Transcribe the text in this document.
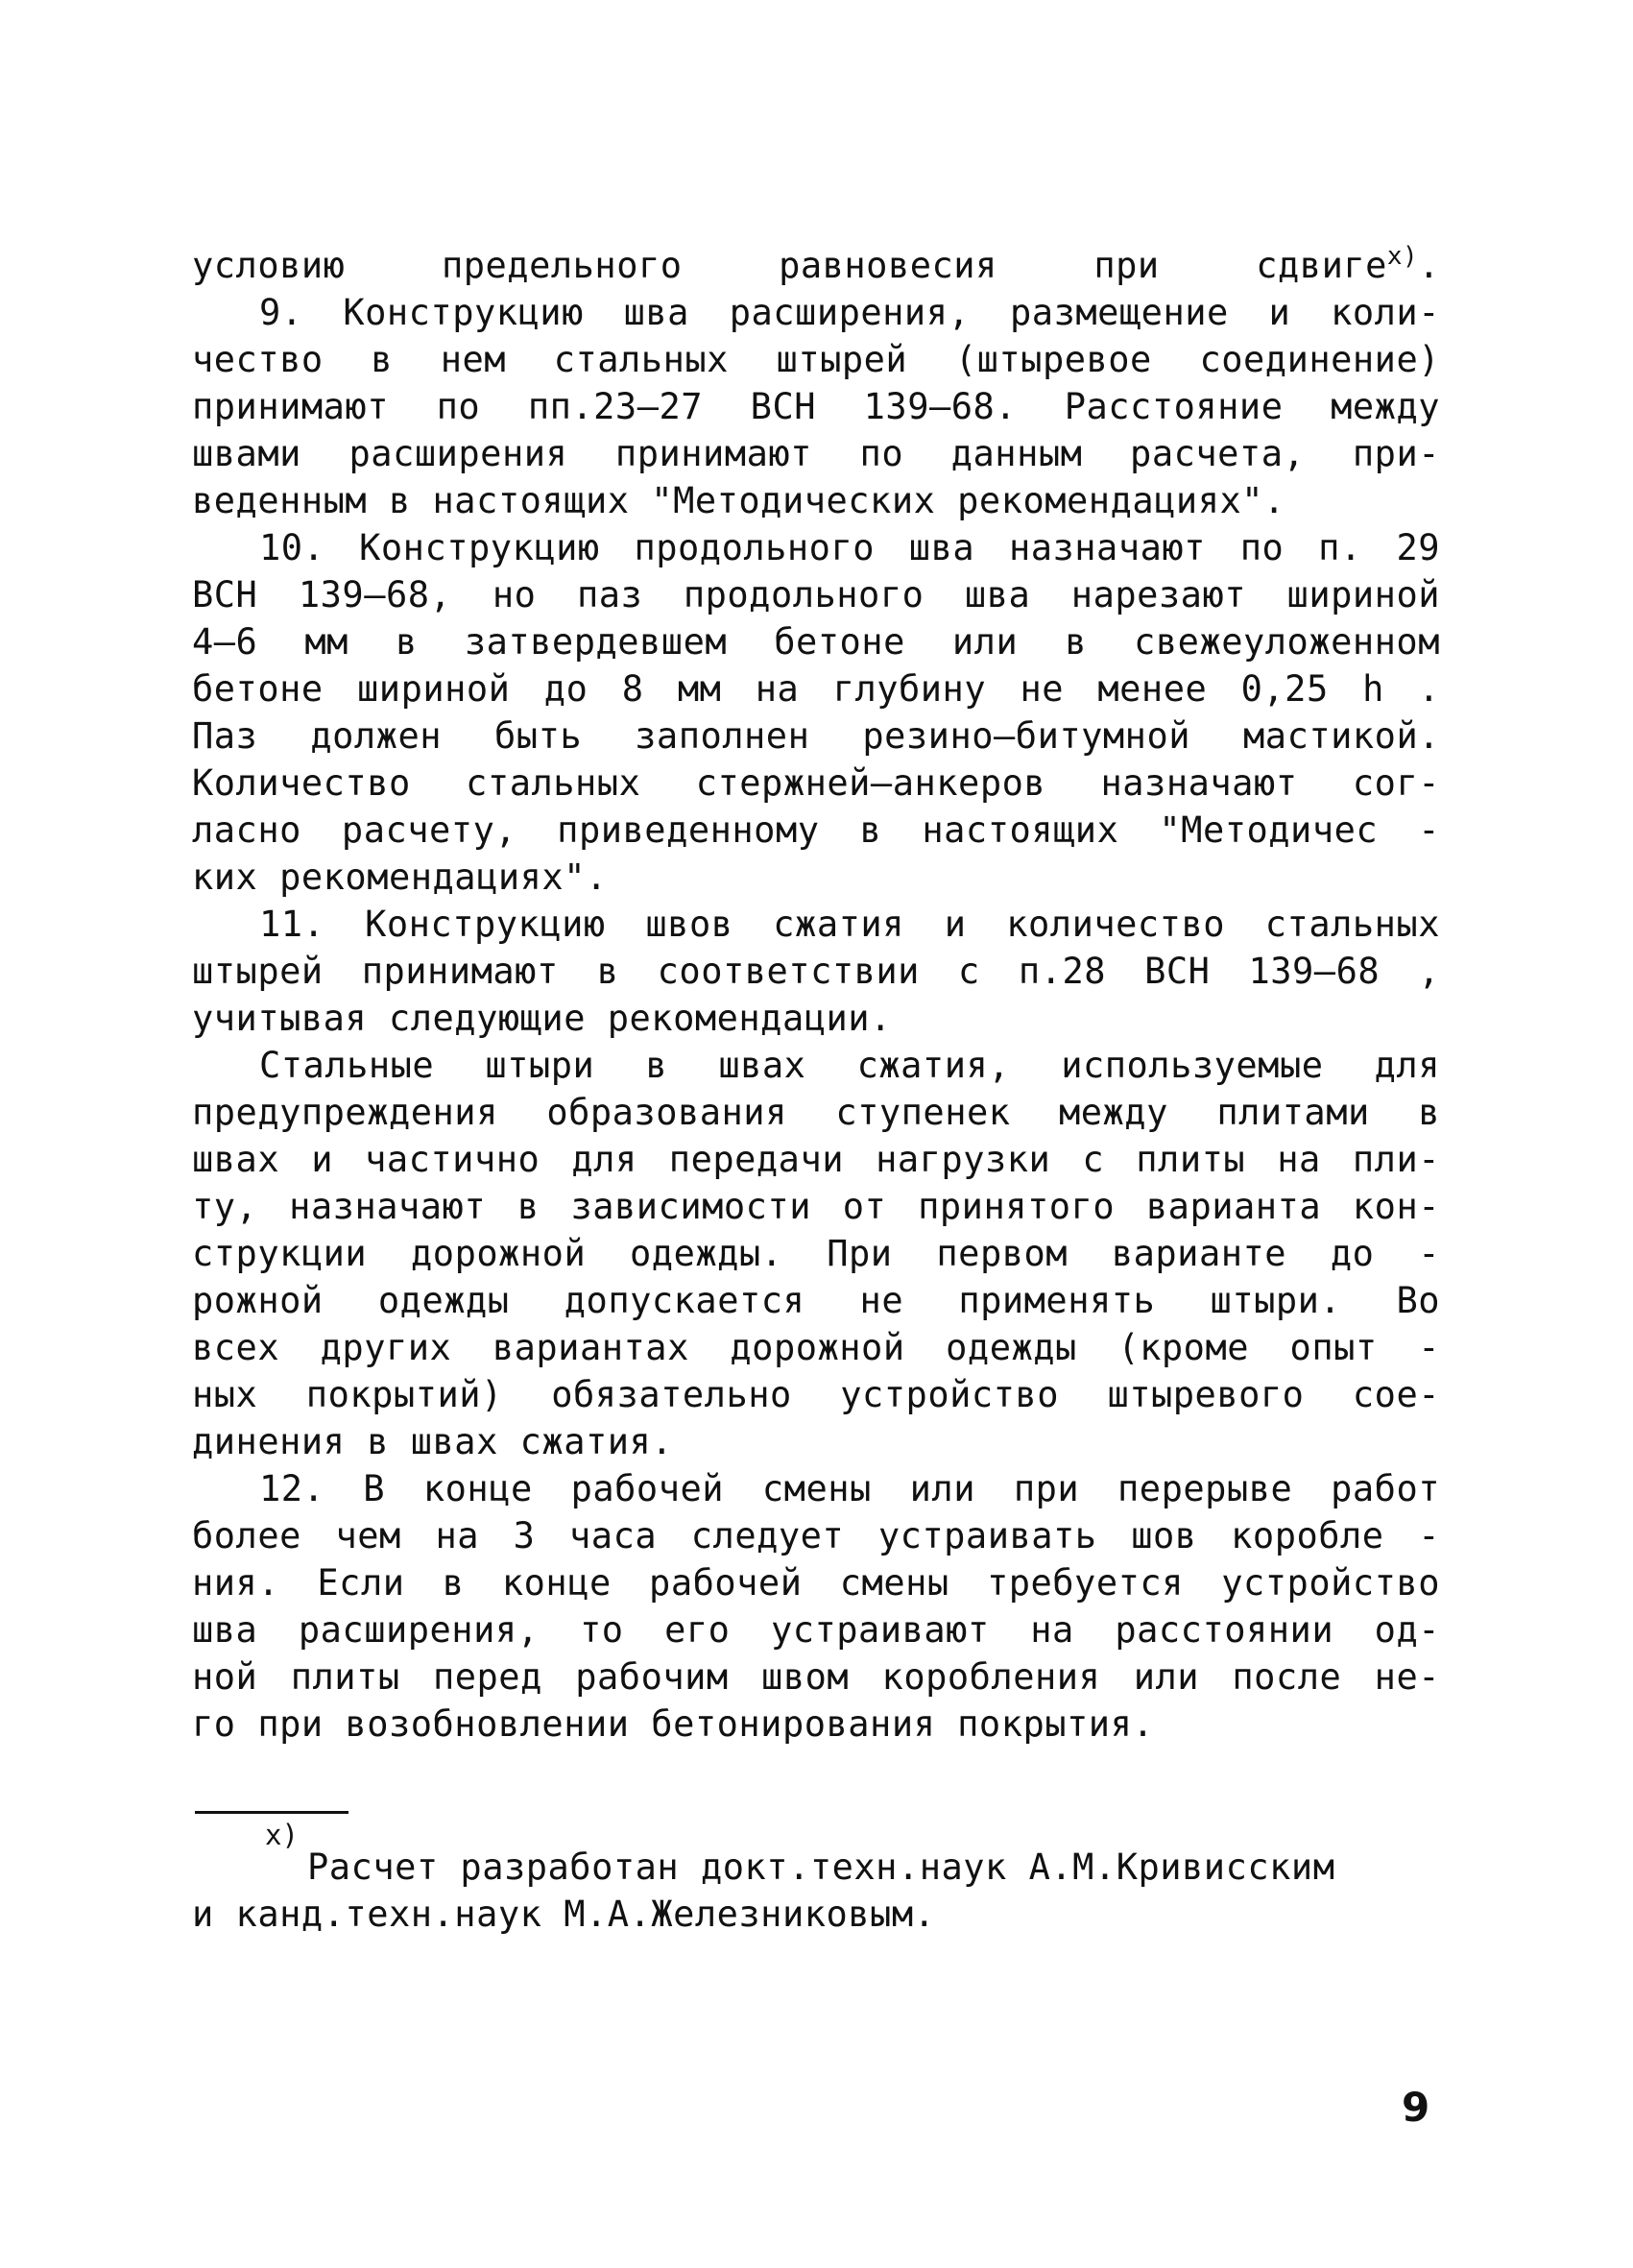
условию предельного равновесия при сдвиге$^{x)}$.
9. Конструкцию шва расширения, размещение и коли-
чество в нем стальных штырей (штыревое соединение)
принимают по пп.23–27 ВСН 139–68. Расстояние между
швами расширения принимают по данным расчета, при-
веденным в настоящих "Методических рекомендациях".
10. Конструкцию продольного шва назначают по п. 29
ВСН 139–68, но паз продольного шва нарезают шириной
4–6 мм в затвердевшем бетоне или в свежеуложенном
бетоне шириной до 8 мм на глубину не менее 0,25 h .
Паз должен быть заполнен резино–битумной мастикой.
Количество стальных стержней–анкеров назначают сог-
ласно расчету, приведенному в настоящих "Методичес -
ких рекомендациях".
11. Конструкцию швов сжатия и количество стальных
штырей принимают в соответствии с п.28 ВСН 139–68 ,
учитывая следующие рекомендации.
Стальные штыри в швах сжатия, используемые для
предупреждения образования ступенек между плитами в
швах и частично для передачи нагрузки с плиты на пли-
ту, назначают в зависимости от принятого варианта кон-
струкции дорожной одежды. При первом варианте до -
рожной одежды допускается не применять штыри. Во
всех других вариантах дорожной одежды (кроме опыт -
ных покрытий) обязательно устройство штыревого сое-
динения в швах сжатия.
12. В конце рабочей смены или при перерыве работ
более чем на 3 часа следует устраивать шов коробле -
ния. Если в конце рабочей смены требуется устройство
шва расширения, то его устраивают на расстоянии од-
ной плиты перед рабочим швом коробления или после не-
го при возобновлении бетонирования покрытия.
x)
Расчет разработан докт.техн.наук А.М.Кривисским
и канд.техн.наук М.А.Железниковым.
9
